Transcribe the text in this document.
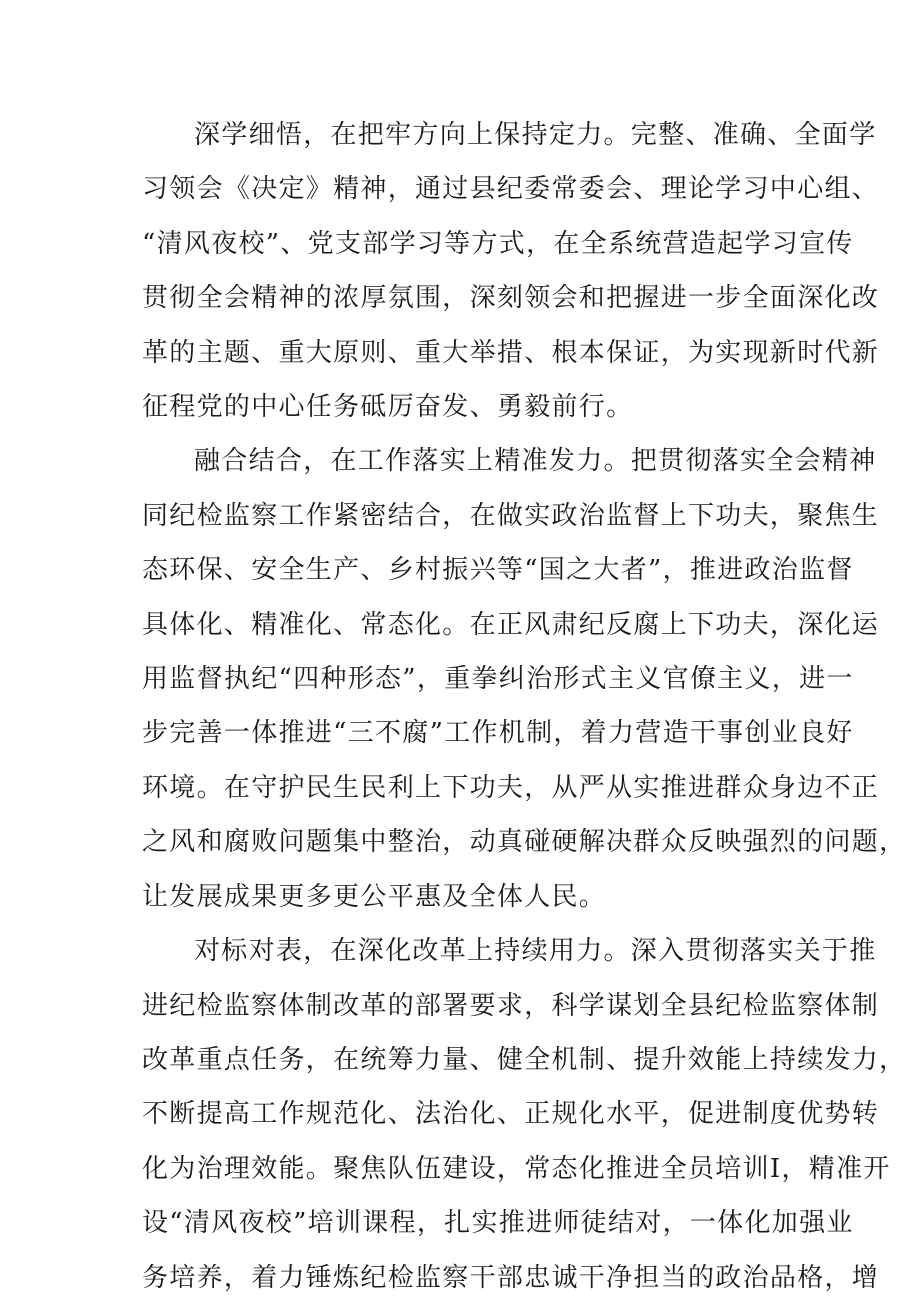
深学细悟，在把牢方向上保持定力。完整、准确、全面学
习领会《决定》精神，通过县纪委常委会、理论学习中心组、
“清风夜校”、党支部学习等方式，在全系统营造起学习宣传
贯彻全会精神的浓厚氛围，深刻领会和把握进一步全面深化改
革的主题、重大原则、重大举措、根本保证，为实现新时代新
征程党的中心任务砥厉奋发、勇毅前行。

融合结合，在工作落实上精准发力。把贯彻落实全会精神
同纪检监察工作紧密结合，在做实政治监督上下功夫，聚焦生
态环保、安全生产、乡村振兴等“国之大者”，推进政治监督
具体化、精准化、常态化。在正风肃纪反腐上下功夫，深化运
用监督执纪“四种形态”，重拳纠治形式主义官僚主义，进一
步完善一体推进“三不腐”工作机制，着力营造干事创业良好
环境。在守护民生民利上下功夫，从严从实推进群众身边不正
之风和腐败问题集中整治，动真碰硬解决群众反映强烈的问题，
让发展成果更多更公平惠及全体人民。

对标对表，在深化改革上持续用力。深入贯彻落实关于推
进纪检监察体制改革的部署要求，科学谋划全县纪检监察体制
改革重点任务，在统筹力量、健全机制、提升效能上持续发力，
不断提高工作规范化、法治化、正规化水平，促进制度优势转
化为治理效能。聚焦队伍建设，常态化推进全员培训I，精准开
设“清风夜校”培训课程，扎实推进师徒结对，一体化加强业
务培养，着力锤炼纪检监察干部忠诚干净担当的政治品格，增
